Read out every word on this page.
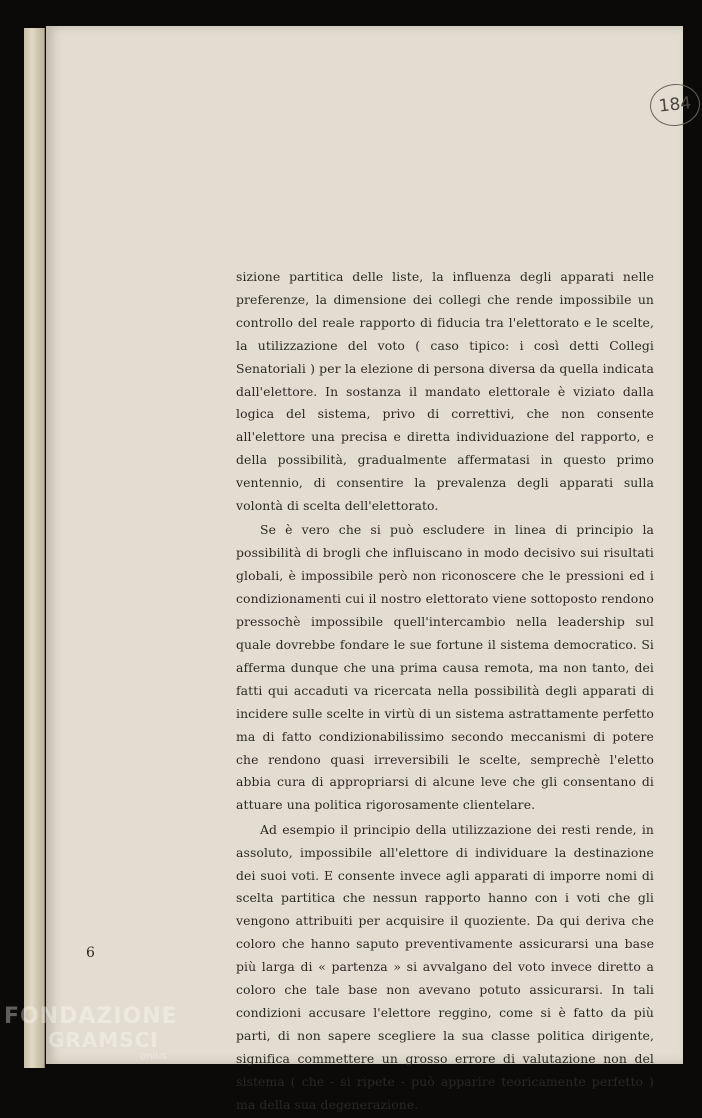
184

sizione partitica delle liste, la influenza degli apparati nelle preferenze, la dimensione dei collegi che rende impossibile un controllo del reale rapporto di fiducia tra l'elettorato e le scelte, la utilizzazione del voto ( caso tipico: i così detti Collegi Senatoriali ) per la elezione di persona diversa da quella indicata dall'elettore. In sostanza il mandato elettorale è viziato dalla logica del sistema, privo di correttivi, che non consente all'elettore una precisa e diretta individuazione del rapporto, e della possibilità, gradualmente affermatasi in questo primo ventennio, di consentire la prevalenza degli apparati sulla volontà di scelta dell'elettorato.

Se è vero che si può escludere in linea di principio la possibilità di brogli che influiscano in modo decisivo sui risultati globali, è impossibile però non riconoscere che le pressioni ed i condizionamenti cui il nostro elettorato viene sottoposto rendono pressochè impossibile quell'intercambio nella leadership sul quale dovrebbe fondare le sue fortune il sistema democratico. Si afferma dunque che una prima causa remota, ma non tanto, dei fatti qui accaduti va ricercata nella possibilità degli apparati di incidere sulle scelte in virtù di un sistema astrattamente perfetto ma di fatto condizionabilissimo secondo meccanismi di potere che rendono quasi irreversibili le scelte, semprechè l'eletto abbia cura di appropriarsi di alcune leve che gli consentano di attuare una politica rigorosamente clientelare.

Ad esempio il principio della utilizzazione dei resti rende, in assoluto, impossibile all'elettore di individuare la destinazione dei suoi voti. E consente invece agli apparati di imporre nomi di scelta partitica che nessun rapporto hanno con i voti che gli vengono attribuiti per acquisire il quoziente. Da qui deriva che coloro che hanno saputo preventivamente assicurarsi una base più larga di « partenza » si avvalgano del voto invece diretto a coloro che tale base non avevano potuto assicurarsi. In tali condizioni accusare l'elettore reggino, come si è fatto da più parti, di non sapere scegliere la sua classe politica dirigente, significa commettere un grosso errore di valutazione non del sistema ( che - si ripete - può apparire teoricamente perfetto ) ma della sua degenerazione.

6
FONDAZIONE
GRAMSCI
onlus
